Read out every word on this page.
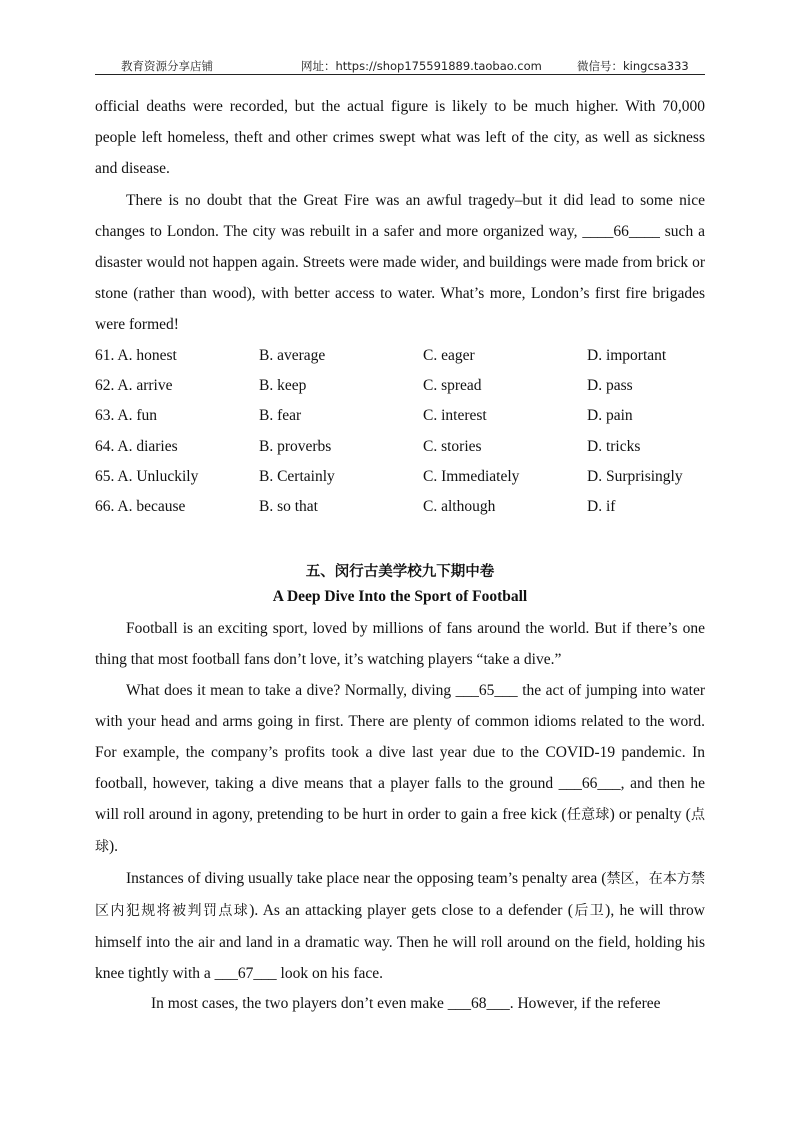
教育资源分享店铺	网址：https://shop175591889.taobao.com	微信号：kingcsa333

official deaths were recorded, but the actual figure is likely to be much higher. With 70,000 people left homeless, theft and other crimes swept what was left of the city, as well as sickness and disease.

There is no doubt that the Great Fire was an awful tragedy–but it did lead to some nice changes to London. The city was rebuilt in a safer and more organized way, ____66____ such a disaster would not happen again. Streets were made wider, and buildings were made from brick or stone (rather than wood), with better access to water. What’s more, London’s first fire brigades were formed!

61. A. honest	B. average	C. eager	D. important
62. A. arrive	B. keep	C. spread	D. pass
63. A. fun	B. fear	C. interest	D. pain
64. A. diaries	B. proverbs	C. stories	D. tricks
65. A. Unluckily	B. Certainly	C. Immediately	D. Surprisingly
66. A. because	B. so that	C. although	D. if
五、闵行古美学校九下期中卷
A Deep Dive Into the Sport of Football

Football is an exciting sport, loved by millions of fans around the world. But if there’s one thing that most football fans don’t love, it’s watching players “take a dive.”

What does it mean to take a dive? Normally, diving ___65___ the act of jumping into water with your head and arms going in first. There are plenty of common idioms related to the word. For example, the company’s profits took a dive last year due to the COVID-19 pandemic. In football, however, taking a dive means that a player falls to the ground ___66___, and then he will roll around in agony, pretending to be hurt in order to gain a free kick (任意球) or penalty (点球).

Instances of diving usually take place near the opposing team’s penalty area (禁区，在本方禁区内犯规将被判罚点球). As an attacking player gets close to a defender (后卫), he will throw himself into the air and land in a dramatic way. Then he will roll around on the field, holding his knee tightly with a ___67___ look on his face.

In most cases, the two players don’t even make ___68___. However, if the referee
